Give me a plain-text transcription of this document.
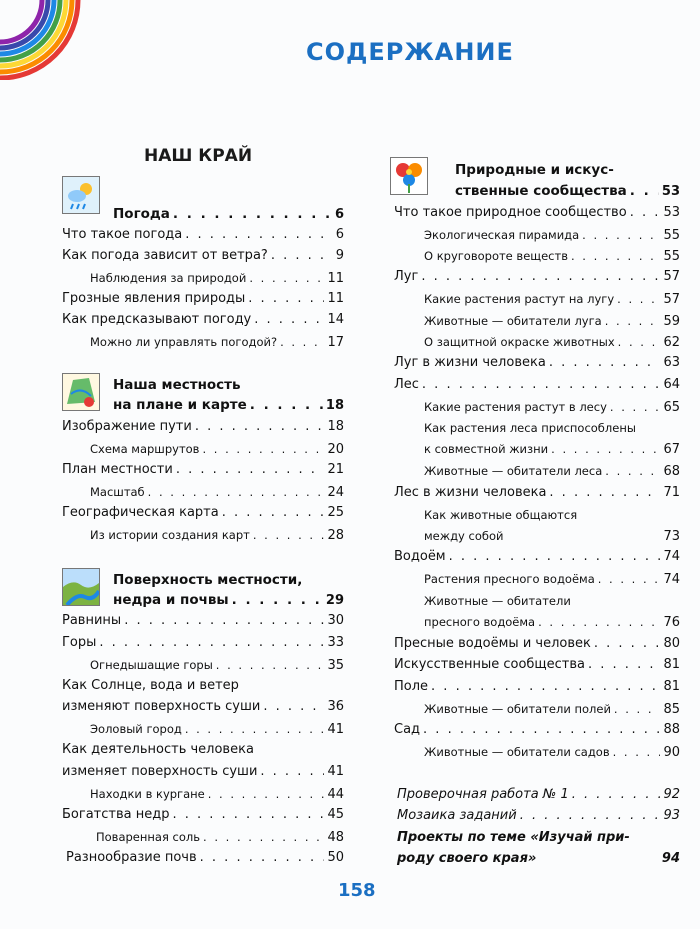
СОДЕРЖАНИЕ
НАШ КРАЙ
Погода . . .	6
Что такое погода . . .	6
Как погода зависит от ветра? . . .	9
Наблюдения за природой . . .	11
Грозные явления природы . . .	11
Как предсказывают погоду . . .	14
Можно ли управлять погодой? . . .	17
Наша местность
на плане и карте . . .	18
Изображение пути . . .	18
Схема маршрутов . . .	20
План местности . . .	21
Масштаб . . .	24
Географическая карта . . .	25
Из истории создания карт . . .	28
Поверхность местности,
недра и почвы . . .	29
Равнины . . .	30
Горы . . .	33
Огнедышащие горы . . .	35
Как Солнце, вода и ветер
изменяют поверхность суши . . .	36
Эоловый город . . .	41
Как деятельность человека
изменяет поверхность суши . . .	41
Находки в кургане . . .	44
Богатства недр . . .	45
Поваренная соль . . .	48
Разнообразие почв . . .	50
Природные и искус-
ственные сообщества . . .	53
Что такое природное сообщество . . .	53
Экологическая пирамида . . .	55
О круговороте веществ . . .	55
Луг . . .	57
Какие растения растут на лугу . . .	57
Животные — обитатели луга . . .	59
О защитной окраске животных . . .	62
Луг в жизни человека . . .	63
Лес . . .	64
Какие растения растут в лесу . . .	65
Как растения леса приспособлены
к совместной жизни . . .	67
Животные — обитатели леса . . .	68
Лес в жизни человека . . .	71
Как животные общаются
между собой	73
Водоём . . .	74
Растения пресного водоёма . . .	74
Животные — обитатели
пресного водоёма . . .	76
Пресные водоёмы и человек . . .	80
Искусственные сообщества . . .	81
Поле . . .	81
Животные — обитатели полей . . .	85
Сад . . .	88
Животные — обитатели садов . . .	90
Проверочная работа № 1 . . .	92
Мозаика заданий . . .	93
Проекты по теме «Изучай при-
роду своего края»	94
158
